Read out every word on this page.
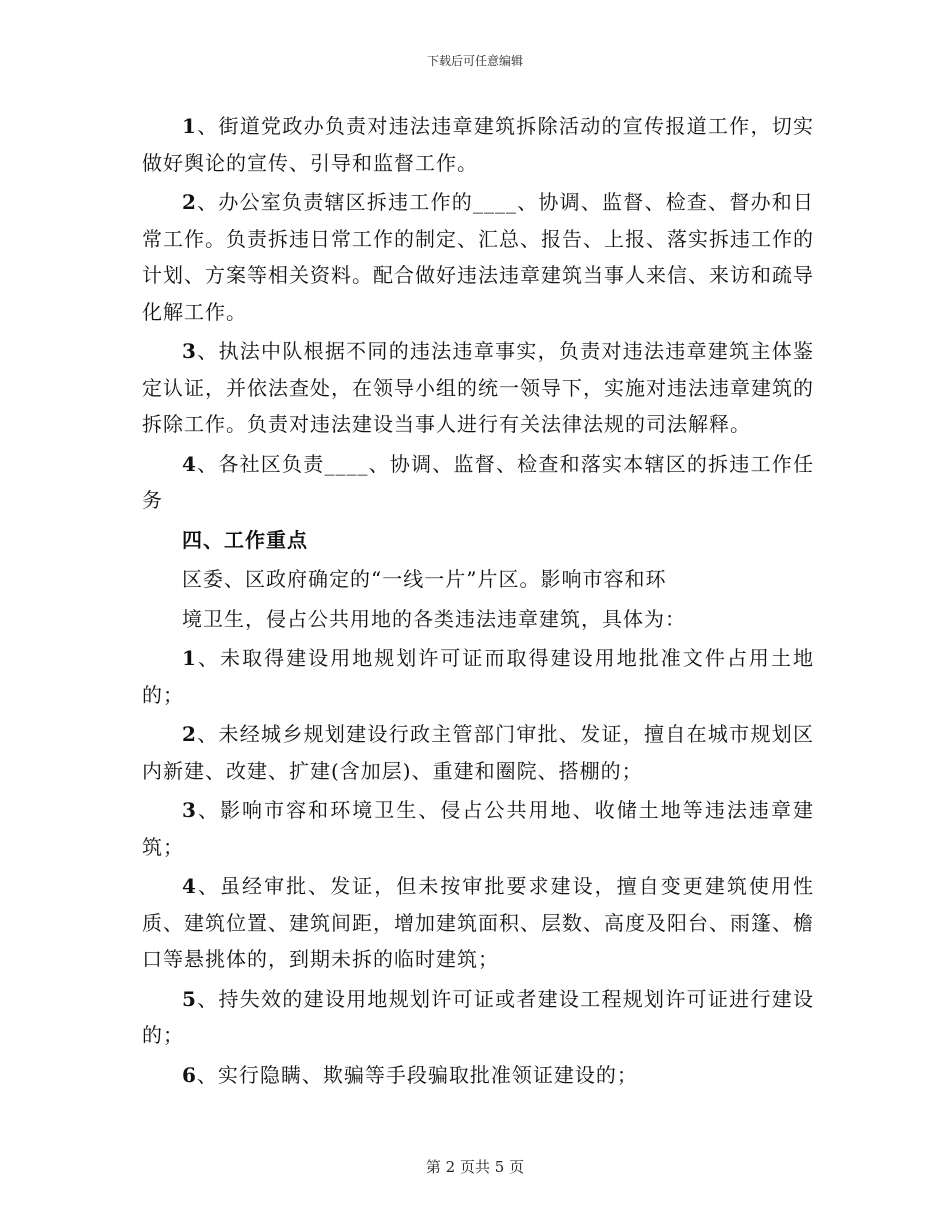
下载后可任意编辑

1、街道党政办负责对违法违章建筑拆除活动的宣传报道工作，切实做好舆论的宣传、引导和监督工作。

2、办公室负责辖区拆违工作的____、协调、监督、检查、督办和日常工作。负责拆违日常工作的制定、汇总、报告、上报、落实拆违工作的计划、方案等相关资料。配合做好违法违章建筑当事人来信、来访和疏导化解工作。

3、执法中队根据不同的违法违章事实，负责对违法违章建筑主体鉴定认证，并依法查处，在领导小组的统一领导下，实施对违法违章建筑的拆除工作。负责对违法建设当事人进行有关法律法规的司法解释。

4、各社区负责____、协调、监督、检查和落实本辖区的拆违工作任务

四、工作重点

区委、区政府确定的“一线一片”片区。影响市容和环

境卫生，侵占公共用地的各类违法违章建筑，具体为：

1、未取得建设用地规划许可证而取得建设用地批准文件占用土地的；

2、未经城乡规划建设行政主管部门审批、发证，擅自在城市规划区内新建、改建、扩建(含加层)、重建和圈院、搭棚的；

3、影响市容和环境卫生、侵占公共用地、收储土地等违法违章建筑；

4、虽经审批、发证，但未按审批要求建设，擅自变更建筑使用性质、建筑位置、建筑间距，增加建筑面积、层数、高度及阳台、雨篷、檐口等悬挑体的，到期未拆的临时建筑；

5、持失效的建设用地规划许可证或者建设工程规划许可证进行建设的；

6、实行隐瞒、欺骗等手段骗取批准领证建设的；

第 2 页共 5 页
